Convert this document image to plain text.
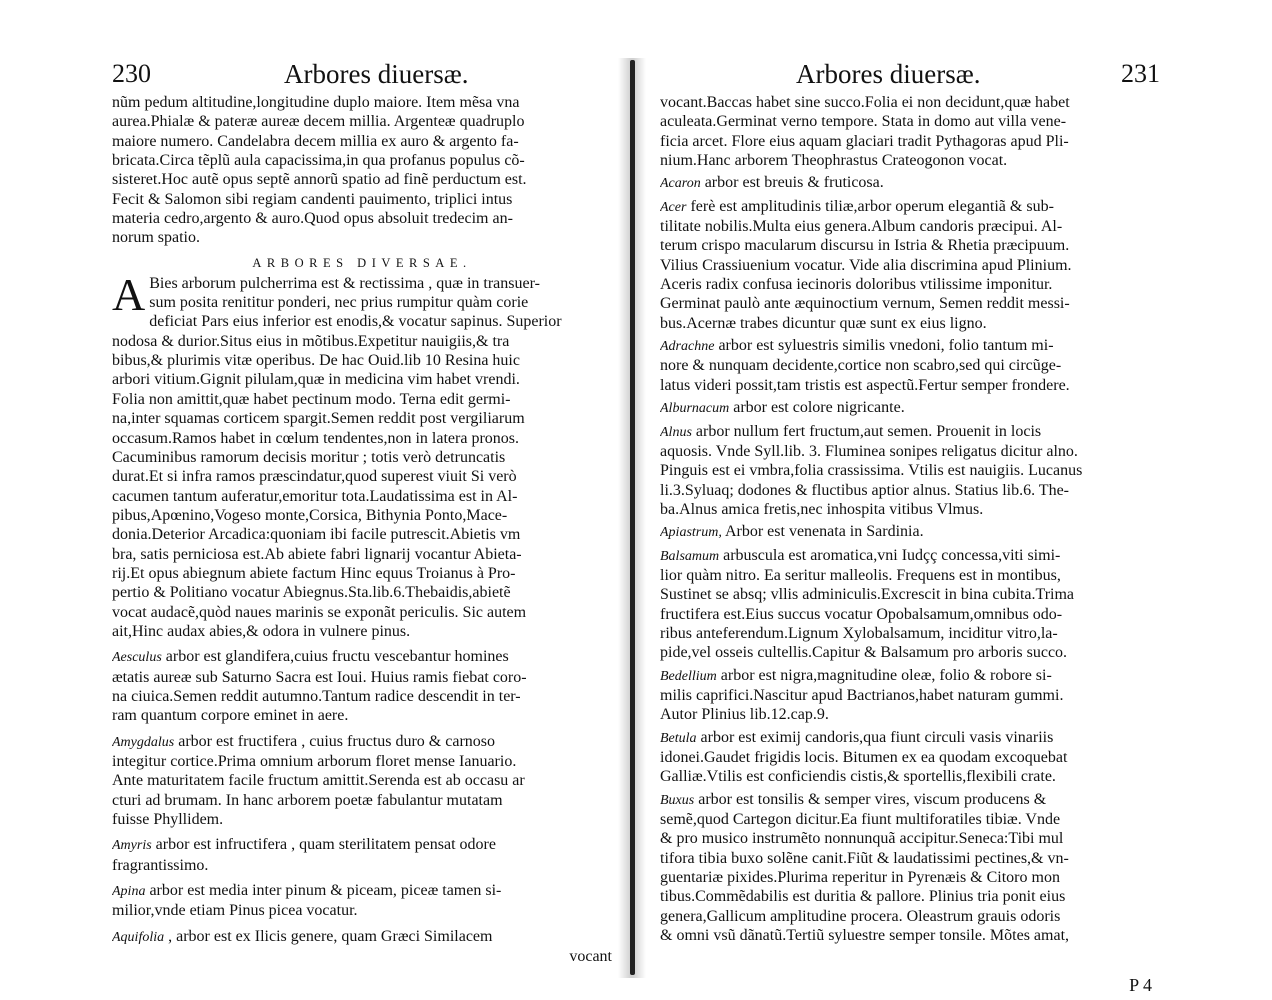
230	Arbores diuersæ.
nũm pedum altitudine,longitudine duplo maiore. Item mẽsa vna
aurea.Phialæ & pateræ aureæ decem millia. Argenteæ quadruplo
maiore numero. Candelabra decem millia ex auro & argento fa-
bricata.Circa tẽplũ aula capacissima,in qua profanus populus cõ-
sisteret.Hoc autẽ opus septẽ annorũ spatio ad finẽ perductum est.
Fecit & Salomon sibi regiam candenti pauimento, triplici intus
materia cedro,argento & auro.Quod opus absoluit tredecim an-
norum spatio.
ARBORES DIVERSAE.
A Bies arborum pulcherrima est & rectissima , quæ in transuer-
sum posita renititur ponderi, nec prius rumpitur quàm corie
deficiat Pars eius inferior est enodis,& vocatur sapinus. Superior
nodosa & durior.Situs eius in mõtibus.Expetitur nauigiis,& tra
bibus,& plurimis vitæ operibus. De hac Ouid.lib 10 Resina huic
arbori vitium.Gignit pilulam,quæ in medicina vim habet vrendi.
Folia non amittit,quæ habet pectinum modo. Terna edit germi-
na,inter squamas corticem spargit.Semen reddit post vergiliarum
occasum.Ramos habet in cœlum tendentes,non in latera pronos.
Cacuminibus ramorum decisis moritur ; totis verò detruncatis
durat.Et si infra ramos præscindatur,quod superest viuit Si verò
cacumen tantum auferatur,emoritur tota.Laudatissima est in Al-
pibus,Apœnino,Vogeso monte,Corsica, Bithynia Ponto,Mace-
donia.Deterior Arcadica:quoniam ibi facile putrescit.Abietis vm
bra, satis perniciosa est.Ab abiete fabri lignarij vocantur Abieta-
rij.Et opus abiegnum abiete factum Hinc equus Troianus à Pro-
pertio & Politiano vocatur Abiegnus.Sta.lib.6.Thebaidis,abietẽ
vocat audacẽ,quòd naues marinis se exponãt periculis. Sic autem
ait,Hinc audax abies,& odora in vulnere pinus.
Aesculus arbor est glandifera,cuius fructu vescebantur homines
ætatis aureæ sub Saturno Sacra est Ioui. Huius ramis fiebat coro-
na ciuica.Semen reddit autumno.Tantum radice descendit in ter-
ram quantum corpore eminet in aere.
Amygdalus arbor est fructifera , cuius fructus duro & carnoso
integitur cortice.Prima omnium arborum floret mense Ianuario.
Ante maturitatem facile fructum amittit.Serenda est ab occasu ar
cturi ad brumam. In hanc arborem poetæ fabulantur mutatam
fuisse Phyllidem.
Amyris arbor est infructifera , quam sterilitatem pensat odore
fragrantissimo.
Apina arbor est media inter pinum & piceam, piceæ tamen si-
milior,vnde etiam Pinus picea vocatur.
Aquifolia , arbor est ex Ilicis genere, quam Græci Similacem
vocant
Arbores diuersæ.	231
vocant.Baccas habet sine succo.Folia ei non decidunt,quæ habet
aculeata.Germinat verno tempore. Stata in domo aut villa vene-
ficia arcet. Flore eius aquam glaciari tradit Pythagoras apud Pli-
nium.Hanc arborem Theophrastus Crateogonon vocat.
Acaron arbor est breuis & fruticosa.
Acer ferè est amplitudinis tiliæ,arbor operum elegantiã & sub-
tilitate nobilis.Multa eius genera.Album candoris præcipui. Al-
terum crispo macularum discursu in Istria & Rhetia præcipuum.
Vilius Crassiuenium vocatur. Vide alia discrimina apud Plinium.
Aceris radix confusa iecinoris doloribus vtilissime imponitur.
Germinat paulò ante æquinoctium vernum, Semen reddit messi-
bus.Acernæ trabes dicuntur quæ sunt ex eius ligno.
Adrachne arbor est syluestris similis vnedoni, folio tantum mi-
nore & nunquam decidente,cortice non scabro,sed qui circũge-
latus videri possit,tam tristis est aspectũ.Fertur semper frondere.
Alburnacum arbor est colore nigricante.
Alnus arbor nullum fert fructum,aut semen. Prouenit in locis
aquosis. Vnde Syll.lib. 3. Fluminea sonipes religatus dicitur alno.
Pinguis est ei vmbra,folia crassissima. Vtilis est nauigiis. Lucanus
li.3.Syluaq; dodones & fluctibus aptior alnus. Statius lib.6. The-
ba.Alnus amica fretis,nec inhospita vitibus Vlmus.
Apiastrum, Arbor est venenata in Sardinia.
Balsamum arbuscula est aromatica,vni Iudçç concessa,viti simi-
lior quàm nitro. Ea seritur malleolis. Frequens est in montibus,
Sustinet se absq; vllis adminiculis.Excrescit in bina cubita.Trima
fructifera est.Eius succus vocatur Opobalsamum,omnibus odo-
ribus anteferendum.Lignum Xylobalsamum, inciditur vitro,la-
pide,vel osseis cultellis.Capitur & Balsamum pro arboris succo.
Bedellium arbor est nigra,magnitudine oleæ, folio & robore si-
milis caprifici.Nascitur apud Bactrianos,habet naturam gummi.
Autor Plinius lib.12.cap.9.
Betula arbor est eximij candoris,qua fiunt circuli vasis vinariis
idonei.Gaudet frigidis locis. Bitumen ex ea quodam excoquebat
Galliæ.Vtilis est conficiendis cistis,& sportellis,flexibili crate.
Buxus arbor est tonsilis & semper vires, viscum producens &
semẽ,quod Cartegon dicitur.Ea fiunt multiforatiles tibiæ. Vnde
& pro musico instrumẽto nonnunquã accipitur.Seneca:Tibi mul
tifora tibia buxo solẽne canit.Fiũt & laudatissimi pectines,& vn-
guentariæ pixides.Plurima reperitur in Pyrenæis & Citoro mon
tibus.Commẽdabilis est duritia & pallore. Plinius tria ponit eius
genera,Gallicum amplitudine procera. Oleastrum grauis odoris
& omni vsũ dãnatũ.Tertiũ syluestre semper tonsile. Mõtes amat,
P 4
